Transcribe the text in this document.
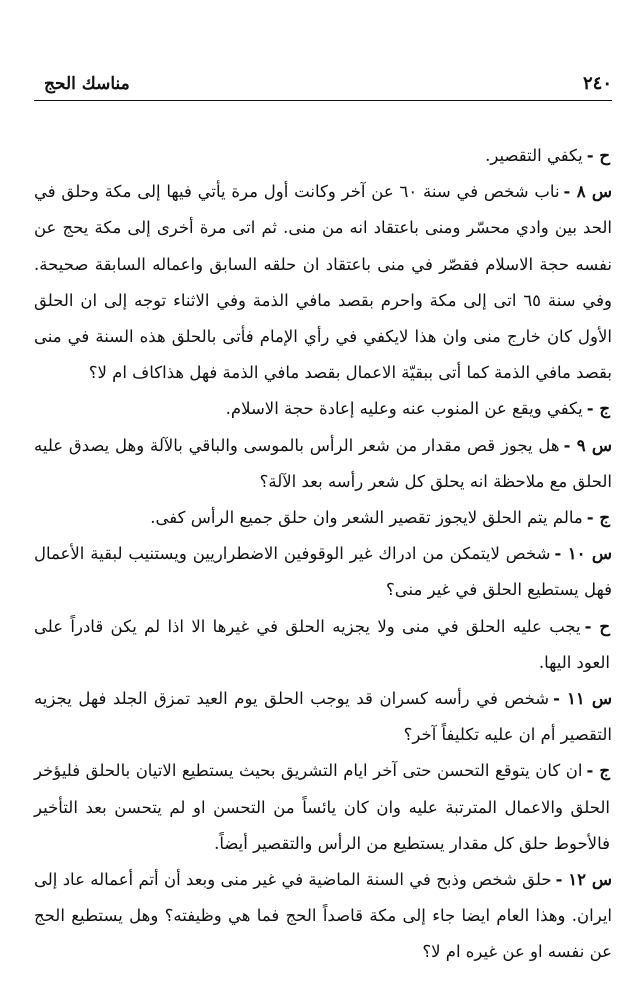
٢٤٠
مناسك الحج

ح -يكفي التقصير.

س ٨ -ناب شخص في سنة ٦٠ عن آخر وكانت أول مرة يأتي فيها إلى مكة وحلق في الحد بين وادي محسّر ومنى باعتقاد انه من منى. ثم اتى مرة أخرى إلى مكة يحج عن نفسه حجة الاسلام فقصّر في منى باعتقاد ان حلقه السابق واعماله السابقة صحيحة. وفي سنة ٦٥ اتى إلى مكة واحرم بقصد مافي الذمة وفي الاثناء توجه إلى ان الحلق الأول كان خارج منى وان هذا لايكفي في رأي الإمام فأتى بالحلق هذه السنة في منى بقصد مافي الذمة كما أتى ببقيّة الاعمال بقصد مافي الذمة فهل هذاكاف ام لا؟

ج -يكفي ويقع عن المنوب عنه وعليه إعادة حجة الاسلام.

س ٩ -هل يجوز قص مقدار من شعر الرأس بالموسى والباقي بالآلة وهل يصدق عليه الحلق مع ملاحظة انه يحلق كل شعر رأسه بعد الآلة؟

ج -مالم يتم الحلق لايجوز تقصير الشعر وان حلق جميع الرأس كفى.

س ١٠ -شخص لايتمكن من ادراك غير الوقوفين الاضطراريين ويستنيب لبقية الأعمال فهل يستطيع الحلق في غير منى؟

ح -يجب عليه الحلق في منى ولا يجزيه الحلق في غيرها الا اذا لم يكن قادراً على العود اليها.

س ١١ -شخص في رأسه كسران قد يوجب الحلق يوم العيد تمزق الجلد فهل يجزيه التقصير أم ان عليه تكليفاً آخر؟

ج -ان كان يتوقع التحسن حتى آخر ايام التشريق بحيث يستطيع الاتيان بالحلق فليؤخر الحلق والاعمال المترتبة عليه وان كان يائساً من التحسن او لم يتحسن بعد التأخير فالأحوط حلق كل مقدار يستطيع من الرأس والتقصير أيضاً.

س ١٢ -حلق شخص وذبح في السنة الماضية في غير منى وبعد أن أتم أعماله عاد إلى ايران. وهذا العام ايضا جاء إلى مكة قاصداً الحج فما هي وظيفته؟ وهل يستطيع الحج عن نفسه او عن غيره ام لا؟
